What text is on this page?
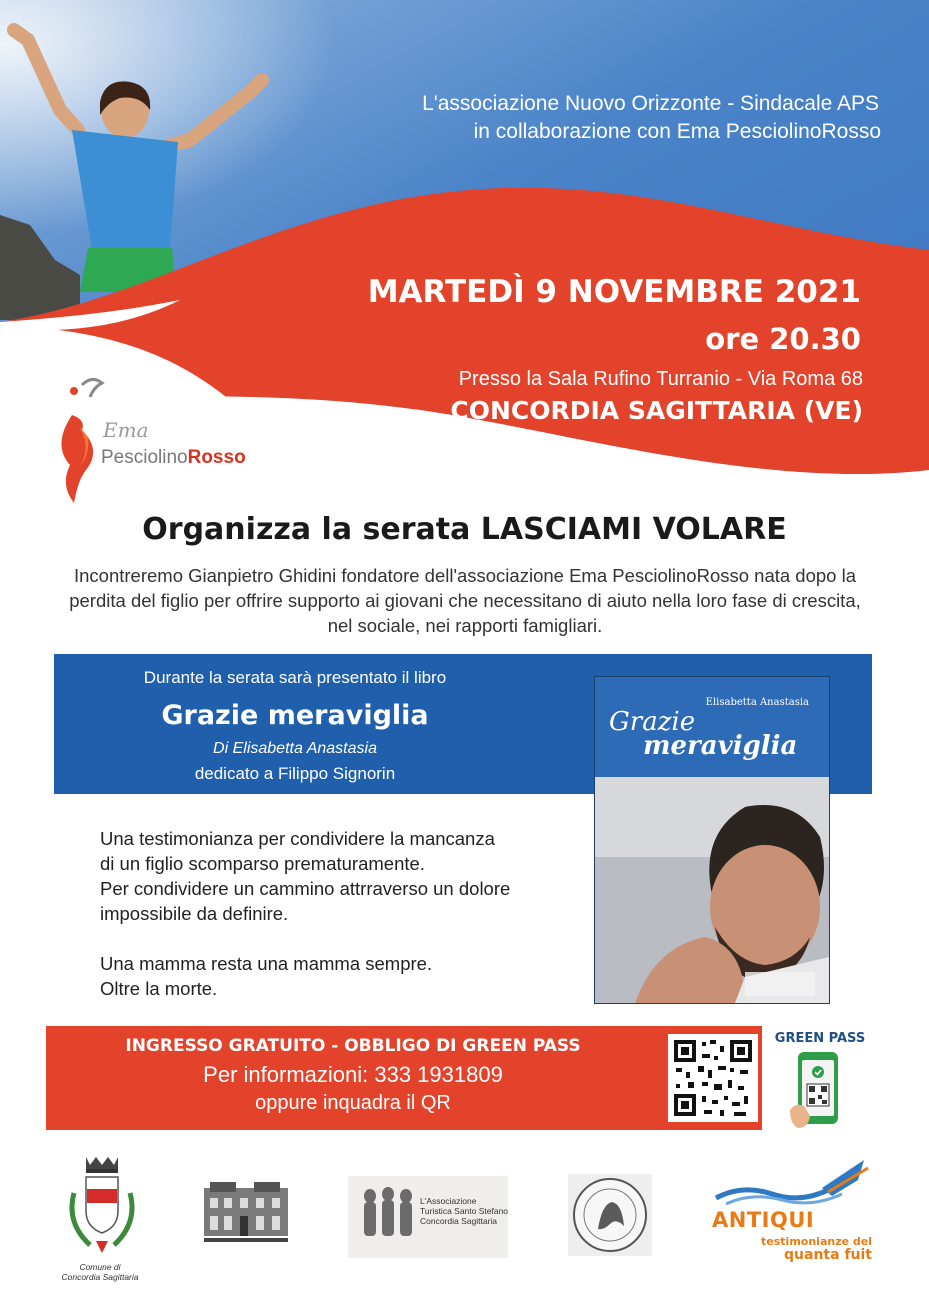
L'associazione Nuovo Orizzonte - Sindacale APS
in collaborazione con Ema PesciolinoRosso
MARTEDÌ 9 NOVEMBRE 2021
ore 20.30
Presso la Sala Rufino Turranio - Via Roma 68
CONCORDIA SAGITTARIA (VE)
Ema
PesciolinoRosso
Organizza la serata LASCIAMI VOLARE
Incontreremo Gianpietro Ghidini fondatore dell'associazione Ema PesciolinoRosso nata dopo la perdita del figlio per offrire supporto ai giovani che necessitano di aiuto nella loro fase di crescita, nel sociale, nei rapporti famigliari.
Durante la serata sarà presentato il libro
Grazie meraviglia
Di Elisabetta Anastasia
dedicato a Filippo Signorin
Elisabetta Anastasia
Grazie
meraviglia

Una testimonianza per condividere la mancanza

di un figlio scomparso prematuramente.

Per condividere un cammino attrraverso un dolore

impossibile da definire.

Una mamma resta una mamma sempre.

Oltre la morte.

INGRESSO GRATUITO - OBBLIGO DI GREEN PASS
Per informazioni: 333 1931809
oppure inquadra il QR
GREEN PASS
Comune di
Concordia Sagittaria
L'Associazione
Turistica Santo Stefano
Concordia Sagittaria	ANTIQUI
testimonianze del
quanta fuit
